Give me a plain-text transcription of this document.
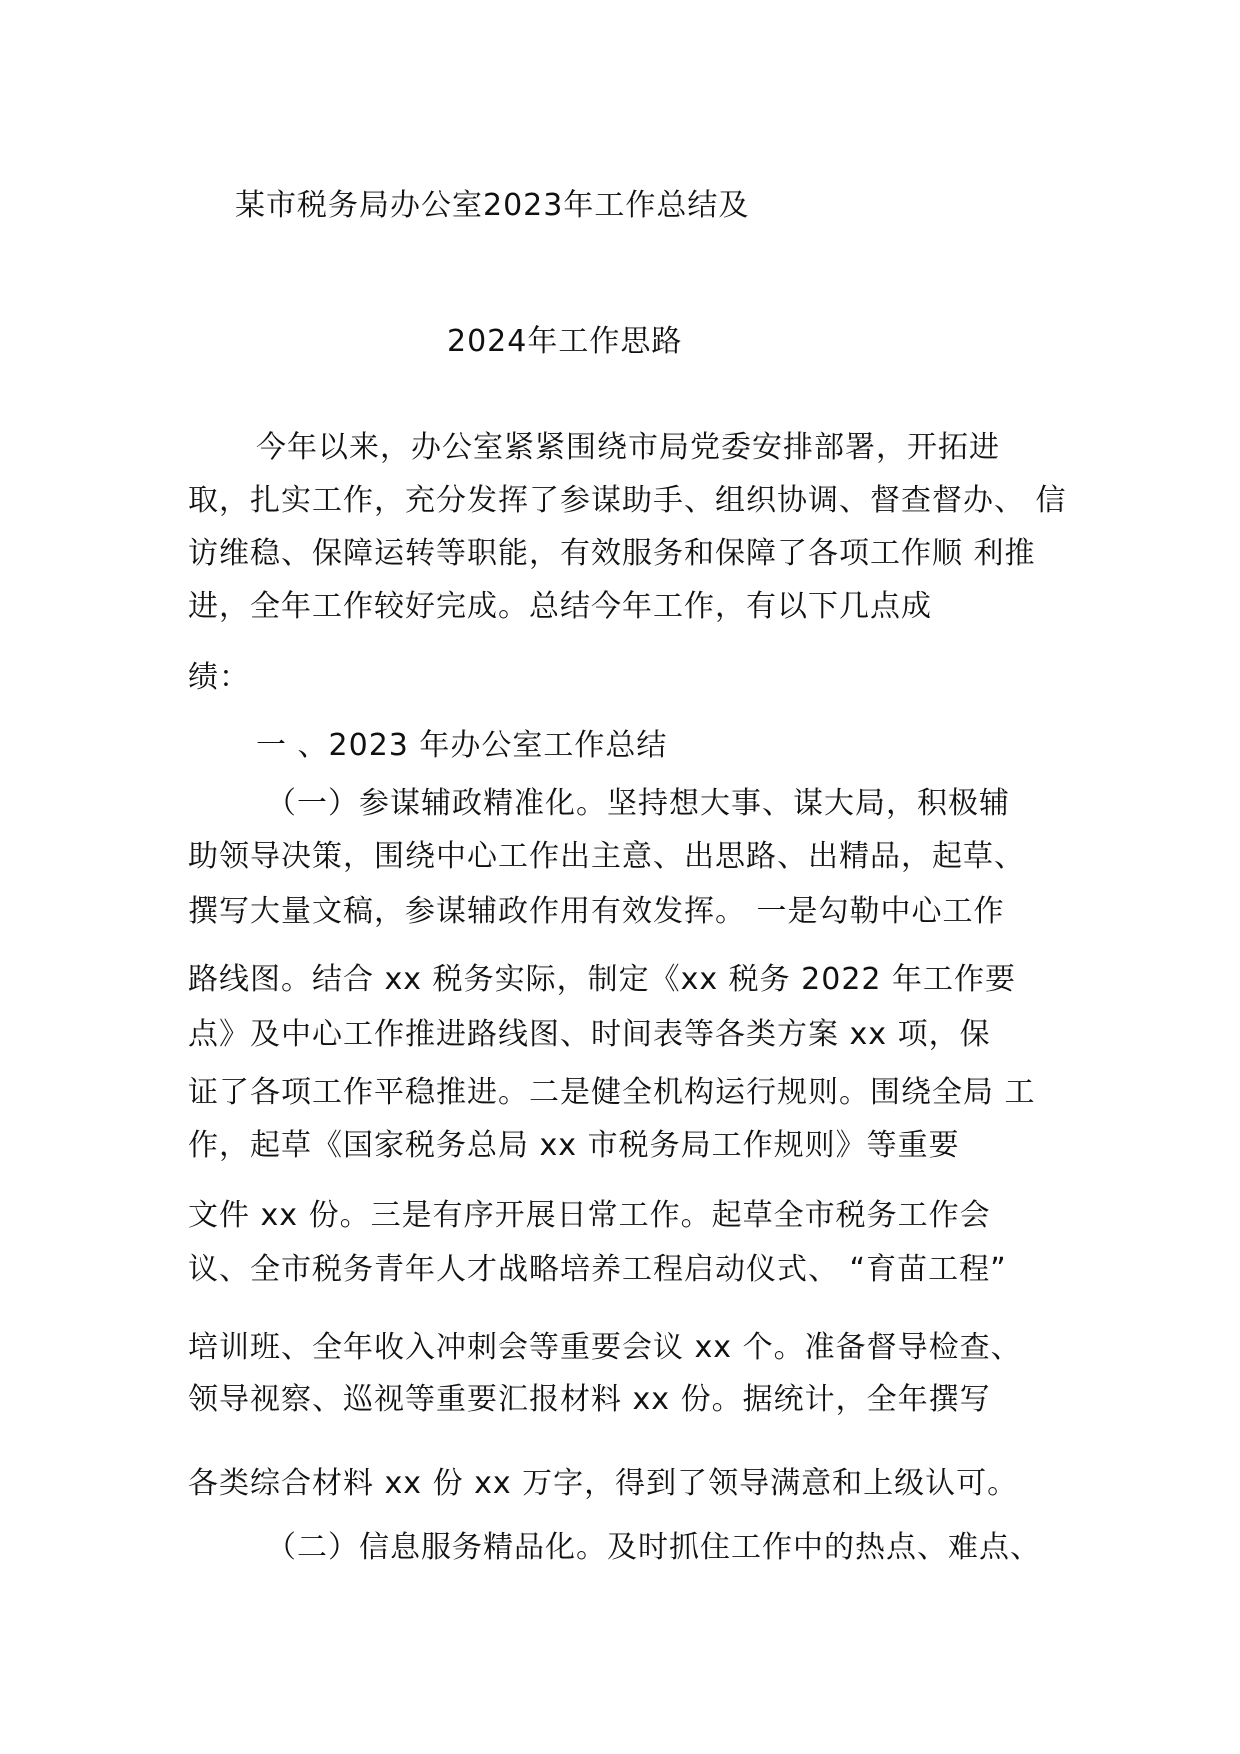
某市税务局办公室2023年工作总结及
2024年工作思路
今年以来，办公室紧紧围绕市局党委安排部署，开拓进
取，扎实工作，充分发挥了参谋助手、组织协调、督查督办、 信
访维稳、保障运转等职能，有效服务和保障了各项工作顺 利推
进，全年工作较好完成。总结今年工作，有以下几点成
绩：
一 、2023 年办公室工作总结
（一）参谋辅政精准化。坚持想大事、谋大局，积极辅
助领导决策，围绕中心工作出主意、出思路、出精品，起草、
撰写大量文稿，参谋辅政作用有效发挥。 一是勾勒中心工作
路线图。结合 xx 税务实际，制定《xx 税务 2022 年工作要
点》及中心工作推进路线图、时间表等各类方案 xx 项，保
证了各项工作平稳推进。二是健全机构运行规则。围绕全局 工
作，起草《国家税务总局 xx 市税务局工作规则》等重要
文件 xx 份。三是有序开展日常工作。起草全市税务工作会
议、全市税务青年人才战略培养工程启动仪式、 “育苗工程”
培训班、全年收入冲刺会等重要会议 xx 个。准备督导检查、
领导视察、巡视等重要汇报材料 xx 份。据统计，全年撰写
各类综合材料 xx 份 xx 万字，得到了领导满意和上级认可。
（二）信息服务精品化。及时抓住工作中的热点、难点、
